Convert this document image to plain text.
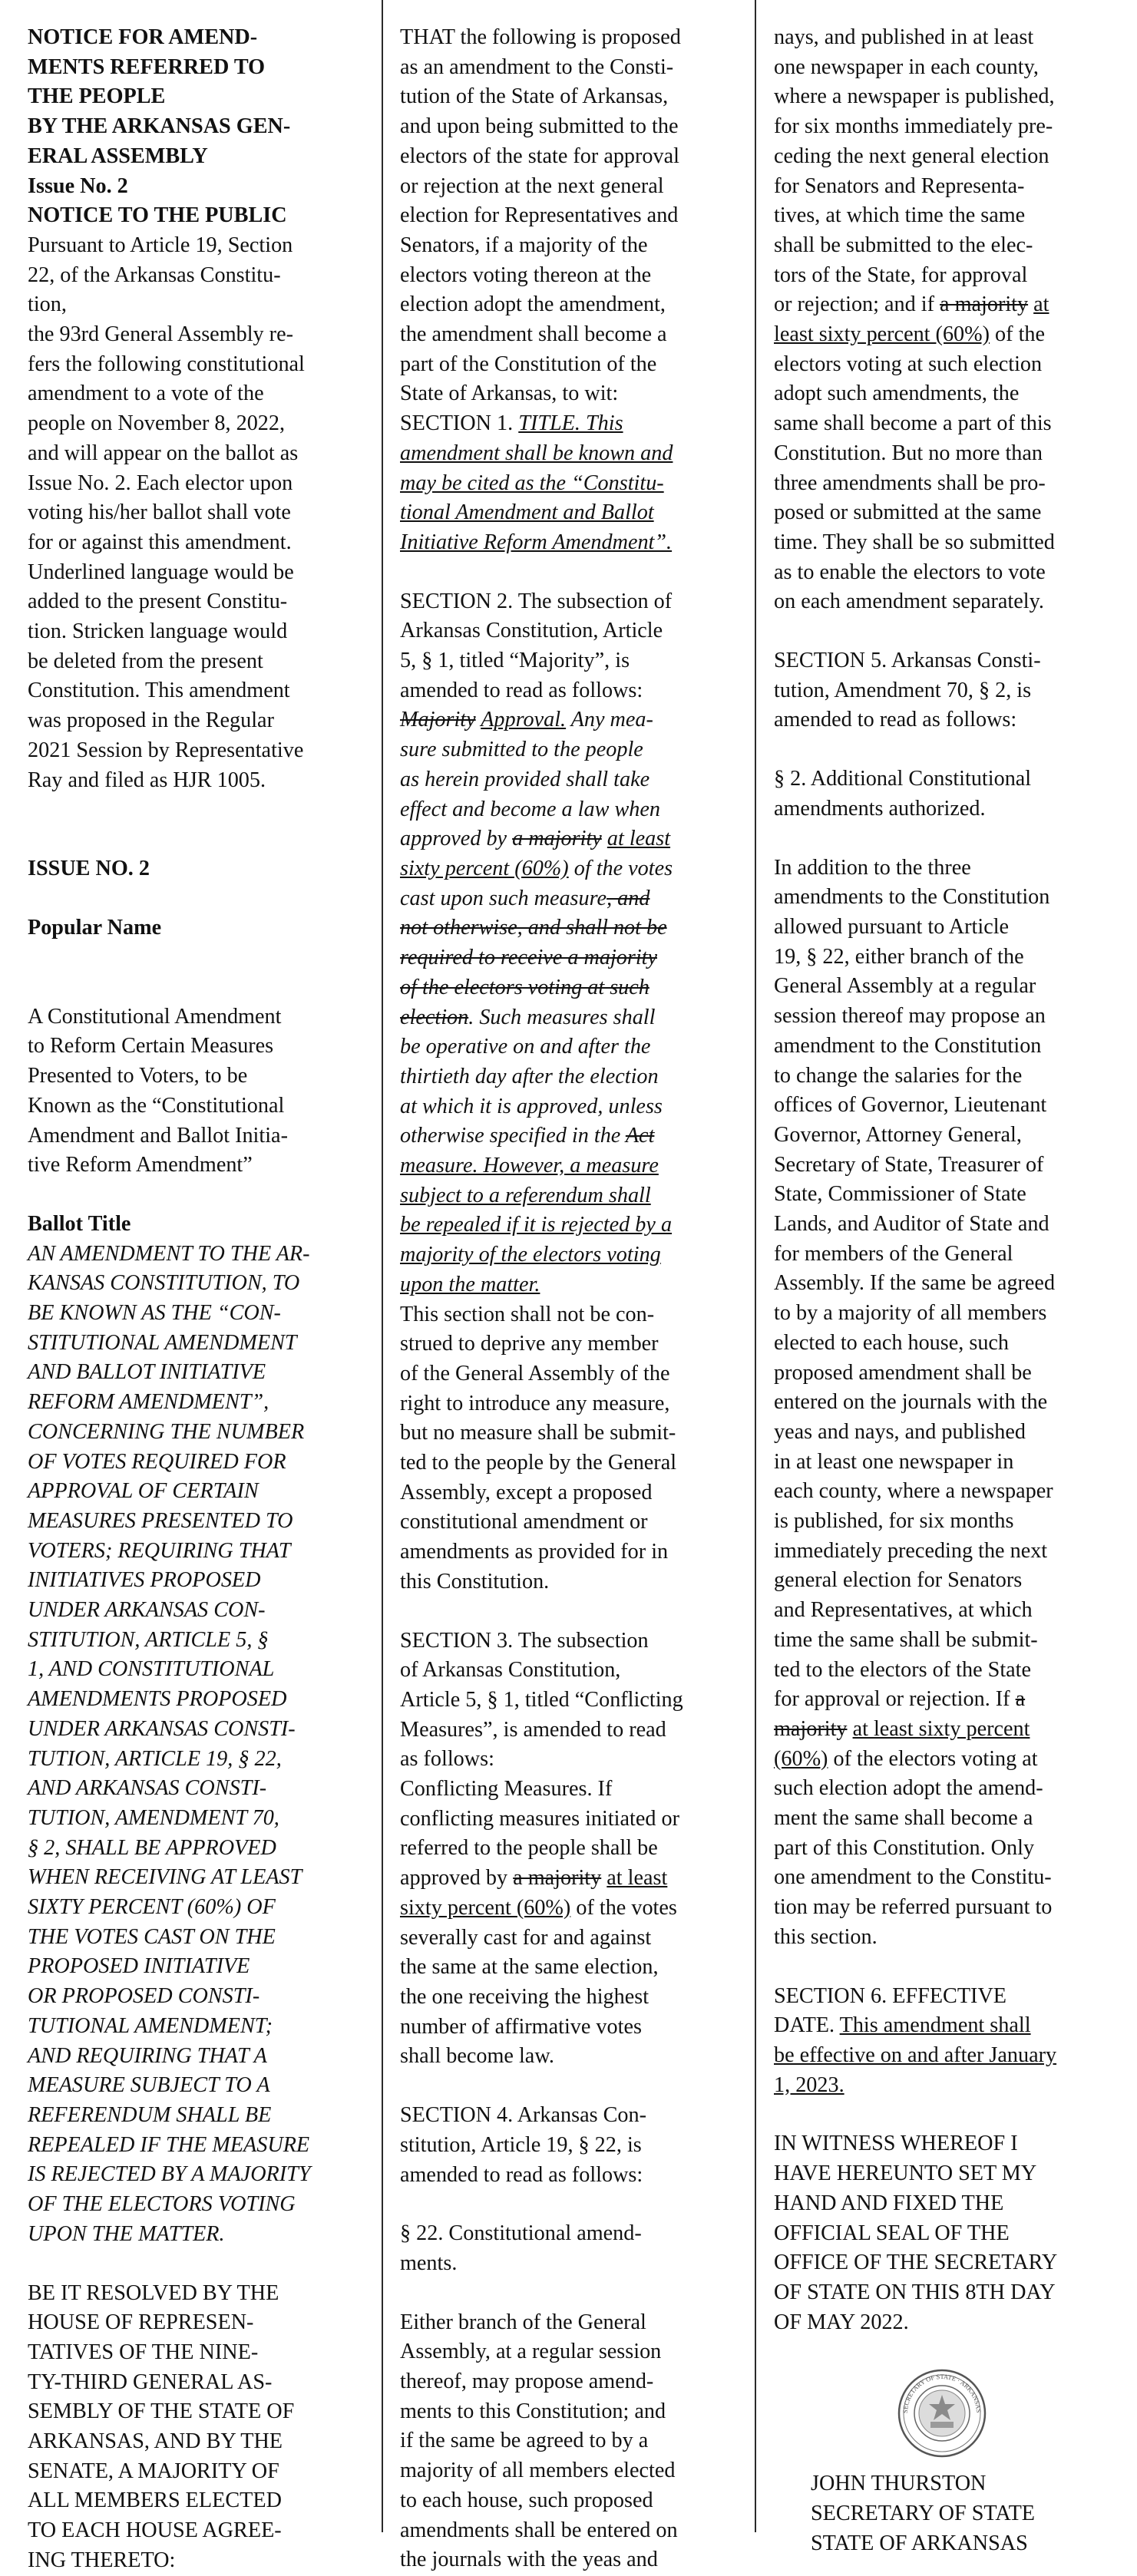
NOTICE FOR AMEND-

MENTS REFERRED TO

THE PEOPLE

BY THE ARKANSAS GEN-

ERAL ASSEMBLY

Issue No. 2

NOTICE TO THE PUBLIC

Pursuant to Article 19, Section

22, of the Arkansas Constitu-

tion,

the 93rd General Assembly re-

fers the following constitutional

amendment to a vote of the

people on November 8, 2022,

and will appear on the ballot as

Issue No. 2. Each elector upon

voting his/her ballot shall vote

for or against this amendment.

Underlined language would be

added to the present Constitu-

tion. Stricken language would

be deleted from the present

Constitution. This amendment

was proposed in the Regular

2021 Session by Representative

Ray and filed as HJR 1005.

ISSUE NO. 2

Popular Name

A Constitutional Amendment

to Reform Certain Measures

Presented to Voters, to be

Known as the “Constitutional

Amendment and Ballot Initia-

tive Reform Amendment”

Ballot Title

AN AMENDMENT TO THE AR-

KANSAS CONSTITUTION, TO

BE KNOWN AS THE “CON-

STITUTIONAL AMENDMENT

AND BALLOT INITIATIVE

REFORM AMENDMENT”,

CONCERNING THE NUMBER

OF VOTES REQUIRED FOR

APPROVAL OF CERTAIN

MEASURES PRESENTED TO

VOTERS; REQUIRING THAT

INITIATIVES PROPOSED

UNDER ARKANSAS CON-

STITUTION, ARTICLE 5, §

1, AND CONSTITUTIONAL

AMENDMENTS PROPOSED

UNDER ARKANSAS CONSTI-

TUTION, ARTICLE 19, § 22,

AND ARKANSAS CONSTI-

TUTION, AMENDMENT 70,

§ 2, SHALL BE APPROVED

WHEN RECEIVING AT LEAST

SIXTY PERCENT (60%) OF

THE VOTES CAST ON THE

PROPOSED INITIATIVE

OR PROPOSED CONSTI-

TUTIONAL AMENDMENT;

AND REQUIRING THAT A

MEASURE SUBJECT TO A

REFERENDUM SHALL BE

REPEALED IF THE MEASURE

IS REJECTED BY A MAJORITY

OF THE ELECTORS VOTING

UPON THE MATTER.

BE IT RESOLVED BY THE

HOUSE OF REPRESEN-

TATIVES OF THE NINE-

TY-THIRD GENERAL AS-

SEMBLY OF THE STATE OF

ARKANSAS, AND BY THE

SENATE, A MAJORITY OF

ALL MEMBERS ELECTED

TO EACH HOUSE AGREE-

ING THERETO:

THAT the following is proposed

as an amendment to the Consti-

tution of the State of Arkansas,

and upon being submitted to the

electors of the state for approval

or rejection at the next general

election for Representatives and

Senators, if a majority of the

electors voting thereon at the

election adopt the amendment,

the amendment shall become a

part of the Constitution of the

State of Arkansas, to wit:

SECTION 1. TITLE. This

amendment shall be known and

may be cited as the “Constitu-

tional Amendment and Ballot

Initiative Reform Amendment”.

SECTION 2. The subsection of

Arkansas Constitution, Article

5, § 1, titled “Majority”, is

amended to read as follows:

Majority Approval. Any mea-

sure submitted to the people

as herein provided shall take

effect and become a law when

approved by a majority at least

sixty percent (60%) of the votes

cast upon such measure, and

not otherwise, and shall not be

required to receive a majority

of the electors voting at such

election. Such measures shall

be operative on and after the

thirtieth day after the election

at which it is approved, unless

otherwise specified in the Act

measure. However, a measure

subject to a referendum shall

be repealed if it is rejected by a

majority of the electors voting

upon the matter.

This section shall not be con-

strued to deprive any member

of the General Assembly of the

right to introduce any measure,

but no measure shall be submit-

ted to the people by the General

Assembly, except a proposed

constitutional amendment or

amendments as provided for in

this Constitution.

SECTION 3. The subsection

of Arkansas Constitution,

Article 5, § 1, titled “Conflicting

Measures”, is amended to read

as follows:

Conflicting Measures. If

conflicting measures initiated or

referred to the people shall be

approved by a majority at least

sixty percent (60%) of the votes

severally cast for and against

the same at the same election,

the one receiving the highest

number of affirmative votes

shall become law.

SECTION 4. Arkansas Con-

stitution, Article 19, § 22, is

amended to read as follows:

§ 22. Constitutional amend-

ments.

Either branch of the General

Assembly, at a regular session

thereof, may propose amend-

ments to this Constitution; and

if the same be agreed to by a

majority of all members elected

to each house, such proposed

amendments shall be entered on

the journals with the yeas and

nays, and published in at least

one newspaper in each county,

where a newspaper is published,

for six months immediately pre-

ceding the next general election

for Senators and Representa-

tives, at which time the same

shall be submitted to the elec-

tors of the State, for approval

or rejection; and if a majority at

least sixty percent (60%) of the

electors voting at such election

adopt such amendments, the

same shall become a part of this

Constitution. But no more than

three amendments shall be pro-

posed or submitted at the same

time. They shall be so submitted

as to enable the electors to vote

on each amendment separately.

SECTION 5. Arkansas Consti-

tution, Amendment 70, § 2, is

amended to read as follows:

§ 2. Additional Constitutional

amendments authorized.

In addition to the three

amendments to the Constitution

allowed pursuant to Article

19, § 22, either branch of the

General Assembly at a regular

session thereof may propose an

amendment to the Constitution

to change the salaries for the

offices of Governor, Lieutenant

Governor, Attorney General,

Secretary of State, Treasurer of

State, Commissioner of State

Lands, and Auditor of State and

for members of the General

Assembly. If the same be agreed

to by a majority of all members

elected to each house, such

proposed amendment shall be

entered on the journals with the

yeas and nays, and published

in at least one newspaper in

each county, where a newspaper

is published, for six months

immediately preceding the next

general election for Senators

and Representatives, at which

time the same shall be submit-

ted to the electors of the State

for approval or rejection. If a

majority at least sixty percent

(60%) of the electors voting at

such election adopt the amend-

ment the same shall become a

part of this Constitution. Only

one amendment to the Constitu-

tion may be referred pursuant to

this section.

SECTION 6. EFFECTIVE

DATE. This amendment shall

be effective on and after January

1, 2023.

IN WITNESS WHEREOF I

HAVE HEREUNTO SET MY

HAND AND FIXED THE

OFFICIAL SEAL OF THE

OFFICE OF THE SECRETARY

OF STATE ON THIS 8TH DAY

OF MAY 2022.

SECRETARY OF STATE · ARKANSAS

JOHN THURSTON

SECRETARY OF STATE

STATE OF ARKANSAS
